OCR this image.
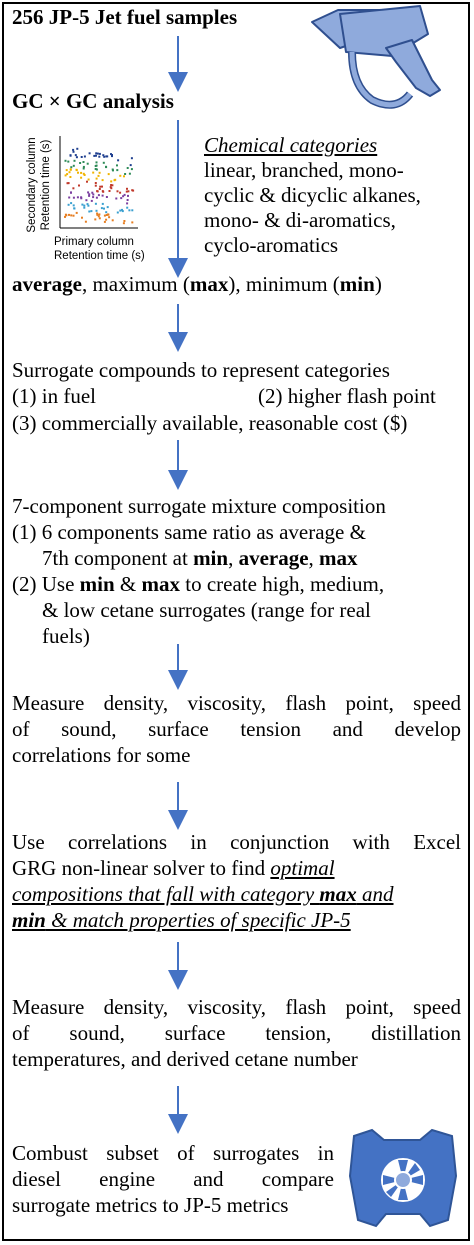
256 JP-5 Jet fuel samples
GC × GC analysis
Secondary column Retention time (s)
Primary column
Retention time (s)
Chemical categories
linear, branched, mono-
cyclic & dicyclic alkanes,
mono- & di-aromatics,
cyclo-aromatics
average, maximum (max), minimum (min)
Surrogate compounds to represent categories
(1) in fuel	(2) higher flash point
(3) commercially available, reasonable cost ($)
7-component surrogate mixture composition
(1) 6 components same ratio as average &
7th component at min, average, max
(2) Use min & max to create high, medium,
& low cetane surrogates (range for real
fuels)
Measure density, viscosity, flash point, speed
of sound, surface tension and develop
correlations for some
Use correlations in conjunction with Excel
GRG non-linear solver to find optimal
compositions that fall with category max and
min & match properties of specific JP-5
Measure density, viscosity, flash point, speed
of sound, surface tension, distillation
temperatures, and derived cetane number
Combust subset of surrogates in
diesel engine and compare
surrogate metrics to JP-5 metrics
